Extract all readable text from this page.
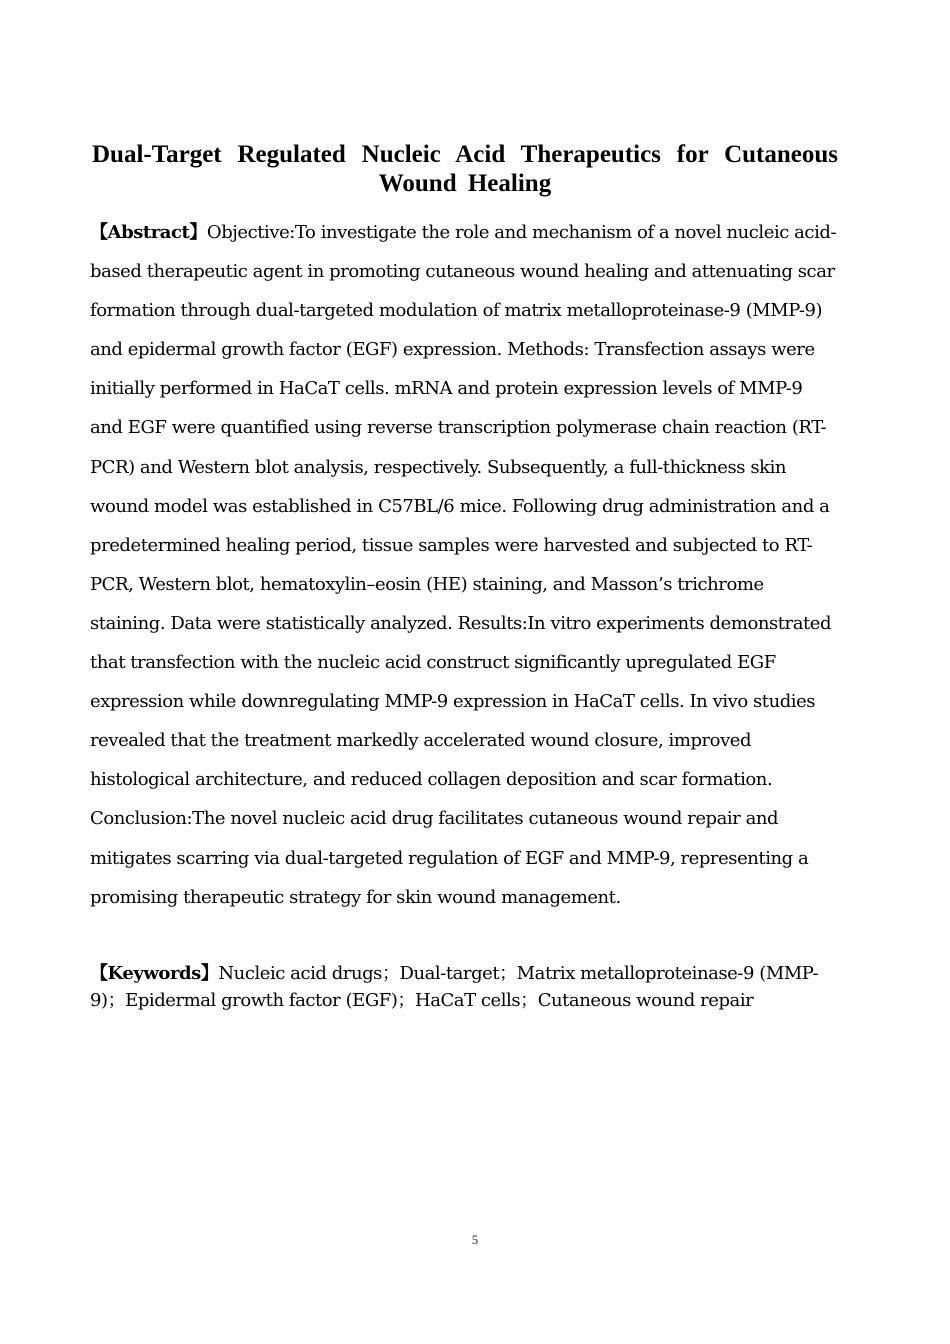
Dual-Target Regulated Nucleic Acid Therapeutics for Cutaneous Wound Healing

【Abstract】Objective:To investigate the role and mechanism of a novel nucleic acid-based therapeutic agent in promoting cutaneous wound healing and attenuating scar formation through dual-targeted modulation of matrix metalloproteinase-9 (MMP-9) and epidermal growth factor (EGF) expression. Methods: Transfection assays were initially performed in HaCaT cells. mRNA and protein expression levels of MMP-9 and EGF were quantified using reverse transcription polymerase chain reaction (RT-PCR) and Western blot analysis, respectively. Subsequently, a full-thickness skin wound model was established in C57BL/6 mice. Following drug administration and a predetermined healing period, tissue samples were harvested and subjected to RT-PCR, Western blot, hematoxylin–eosin (HE) staining, and Masson’s trichrome staining. Data were statistically analyzed. Results:In vitro experiments demonstrated that transfection with the nucleic acid construct significantly upregulated EGF expression while downregulating MMP-9 expression in HaCaT cells. In vivo studies revealed that the treatment markedly accelerated wound closure, improved histological architecture, and reduced collagen deposition and scar formation. Conclusion:The novel nucleic acid drug facilitates cutaneous wound repair and mitigates scarring via dual-targeted regulation of EGF and MMP-9, representing a promising therapeutic strategy for skin wound management.

【Keywords】Nucleic acid drugs；Dual-target；Matrix metalloproteinase-9 (MMP-9)；Epidermal growth factor (EGF)；HaCaT cells；Cutaneous wound repair

5
